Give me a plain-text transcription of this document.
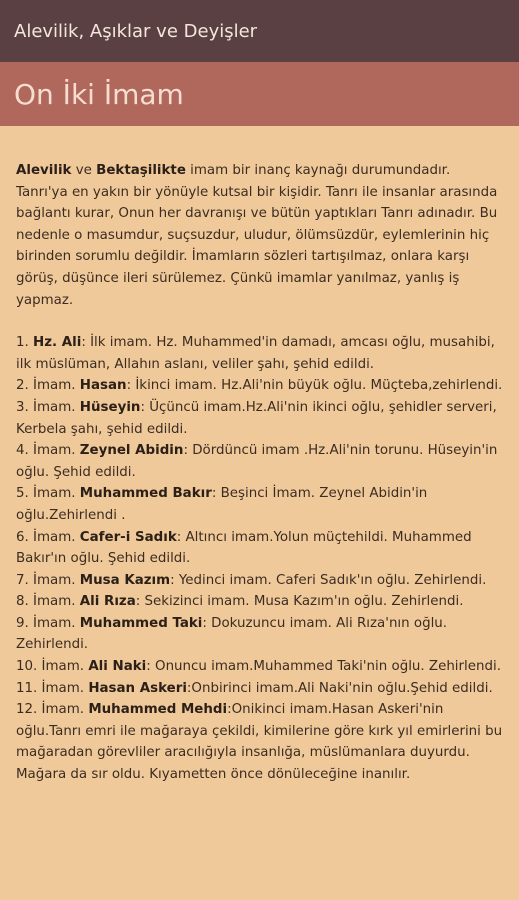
Alevilik, Aşıklar ve Deyişler
On İki İmam

Alevilik ve Bektaşilikte imam bir inanç kaynağı durumundadır. Tanrı'ya en yakın bir yönüyle kutsal bir kişidir. Tanrı ile insanlar arasında bağlantı kurar, Onun her davranışı ve bütün yaptıkları Tanrı adınadır. Bu nedenle o masumdur, suçsuzdur, uludur, ölümsüzdür, eylemlerinin hiç birinden sorumlu değildir. İmamların sözleri tartışılmaz, onlara karşı görüş, düşünce ileri sürülemez. Çünkü imamlar yanılmaz, yanlış iş yapmaz.

1. Hz. Ali: İlk imam. Hz. Muhammed'in damadı, amcası oğlu, musahibi, ilk müslüman, Allahın aslanı, veliler şahı, şehid edildi.

2. İmam. Hasan: İkinci imam. Hz.Ali'nin büyük oğlu. Müçteba,zehirlendi.

3. İmam. Hüseyin: Üçüncü imam.Hz.Ali'nin ikinci oğlu, şehidler serveri, Kerbela şahı, şehid edildi.

4. İmam. Zeynel Abidin: Dördüncü imam .Hz.Ali'nin torunu. Hüseyin'in oğlu. Şehid edildi.

5. İmam. Muhammed Bakır: Beşinci İmam. Zeynel Abidin'in oğlu.Zehirlendi .

6. İmam. Cafer-i Sadık: Altıncı imam.Yolun müçtehildi. Muhammed Bakır'ın oğlu. Şehid edildi.

7. İmam. Musa Kazım: Yedinci imam. Caferi Sadık'ın oğlu. Zehirlendi.

8. İmam. Ali Rıza: Sekizinci imam. Musa Kazım'ın oğlu. Zehirlendi.

9. İmam. Muhammed Taki: Dokuzuncu imam. Ali Rıza'nın oğlu. Zehirlendi.

10. İmam. Ali Naki: Onuncu imam.Muhammed Taki'nin oğlu. Zehirlendi.

11. İmam. Hasan Askeri:Onbirinci imam.Ali Naki'nin oğlu.Şehid edildi.

12. İmam. Muhammed Mehdi:Onikinci imam.Hasan Askeri'nin oğlu.Tanrı emri ile mağaraya çekildi, kimilerine göre kırk yıl emirlerini bu mağaradan görevliler aracılığıyla insanlığa, müslümanlara duyurdu. Mağara da sır oldu. Kıyametten önce dönüleceğine inanılır.
